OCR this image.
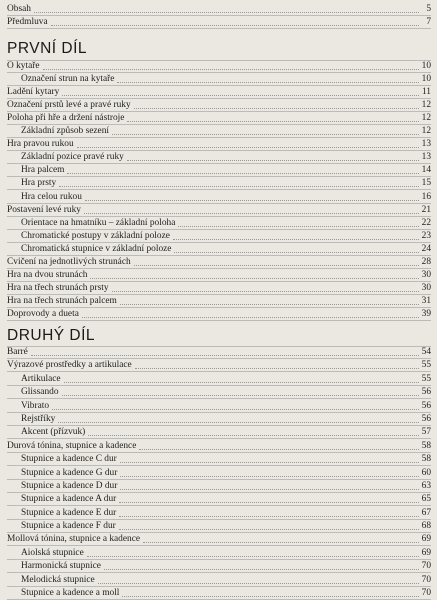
PRVNÍ DÍL
DRUHÝ DÍL
Obsah	5
Předmluva	7
O kytaře	10
Označení strun na kytaře	10
Ladění kytary	11
Označení prstů levé a pravé ruky	12
Poloha při hře a držení nástroje	12
Základní způsob sezení	12
Hra pravou rukou	13
Základní pozice pravé ruky	13
Hra palcem	14
Hra prsty	15
Hra celou rukou	16
Postavení levé ruky	21
Orientace na hmatníku – základní poloha	22
Chromatické postupy v základní poloze	23
Chromatická stupnice v základní poloze	24
Cvičení na jednotlivých strunách	28
Hra na dvou strunách	30
Hra na třech strunách prsty	30
Hra na třech strunách palcem	31
Doprovody a dueta	39
Barré	54
Výrazové prostředky a artikulace	55
Artikulace	55
Glissando	56
Vibrato	56
Rejstříky	56
Akcent (přízvuk)	57
Durová tónina, stupnice a kadence	58
Stupnice a kadence C dur	58
Stupnice a kadence G dur	60
Stupnice a kadence D dur	63
Stupnice a kadence A dur	65
Stupnice a kadence E dur	67
Stupnice a kadence F dur	68
Mollová tónina, stupnice a kadence	69
Aiolská stupnice	69
Harmonická stupnice	70
Melodická stupnice	70
Stupnice a kadence a moll	70
